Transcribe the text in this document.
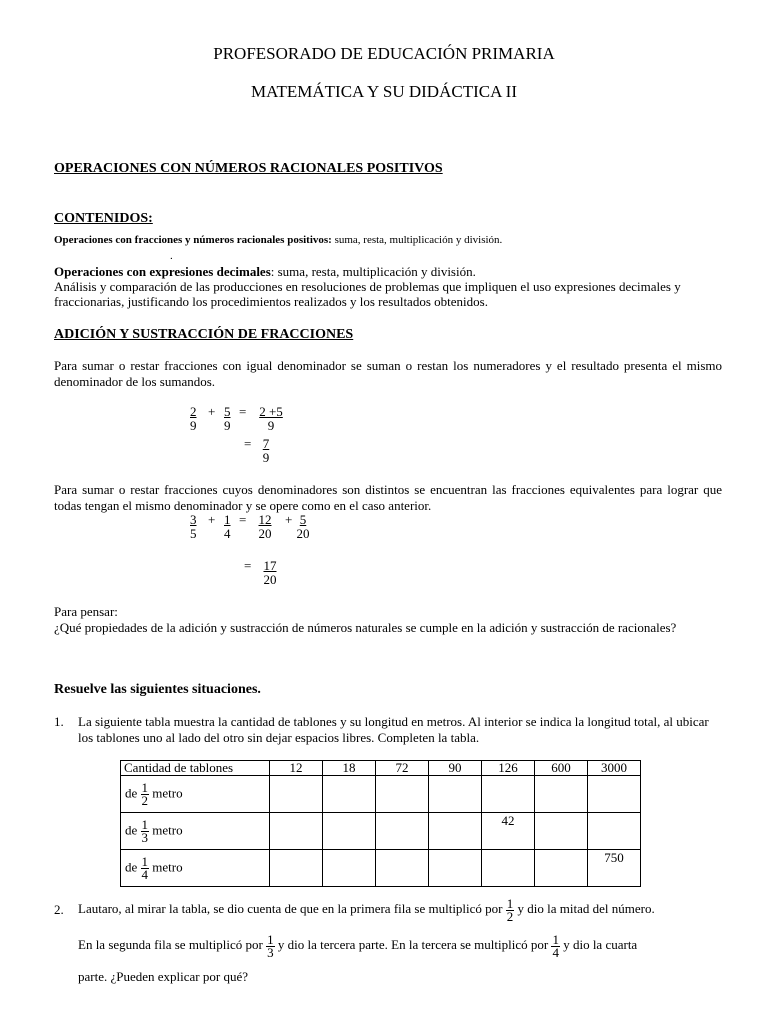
PROFESORADO DE EDUCACIÓN PRIMARIA
MATEMÁTICA Y SU DIDÁCTICA II
OPERACIONES CON NÚMEROS RACIONALES POSITIVOS
CONTENIDOS:
Operaciones con fracciones y números racionales positivos: suma, resta, multiplicación y división.
.
Operaciones con expresiones decimales: suma, resta, multiplicación y división.
Análisis y comparación de las producciones en resoluciones de problemas que impliquen el uso expresiones decimales y fraccionarias, justificando los procedimientos realizados y los resultados obtenidos.
ADICIÓN Y SUSTRACCIÓN DE FRACCIONES
Para sumar o restar fracciones con igual denominador se suman o restan los numeradores y el resultado presenta el mismo denominador de los sumandos.
$\frac{2}{9} + \frac{5}{9} = \frac{2 +5}{9}$
= $\frac{7}{9}$
Para sumar o restar fracciones cuyos denominadores son distintos se encuentran las fracciones equivalentes para lograr que todas tengan el mismo denominador y se opere como en el caso anterior.
$\frac{3}{5} + \frac{1}{4} = \frac{12}{20} + \frac{5}{20}$
= $\frac{17}{20}$
Para pensar:
¿Qué propiedades de la adición y sustracción de números naturales se cumple en la adición y sustracción de racionales?
Resuelve las siguientes situaciones.
1. La siguiente tabla muestra la cantidad de tablones y su longitud en metros. Al interior se indica la longitud total, al ubicar los tablones uno al lado del otro sin dejar espacios libres. Completen la tabla.
Cantidad de tablones	12	18	72	90	126	600	3000
de $\frac{1}{2}$ metro							
de $\frac{1}{3}$ metro					42		
de $\frac{1}{4}$ metro							750
2. Lautaro, al mirar la tabla, se dio cuenta de que en la primera fila se multiplicó por $\frac{1}{2}$ y dio la mitad del número.
En la segunda fila se multiplicó por $\frac{1}{3}$ y dio la tercera parte. En la tercera se multiplicó por $\frac{1}{4}$ y dio la cuarta
parte. ¿Pueden explicar por qué?
